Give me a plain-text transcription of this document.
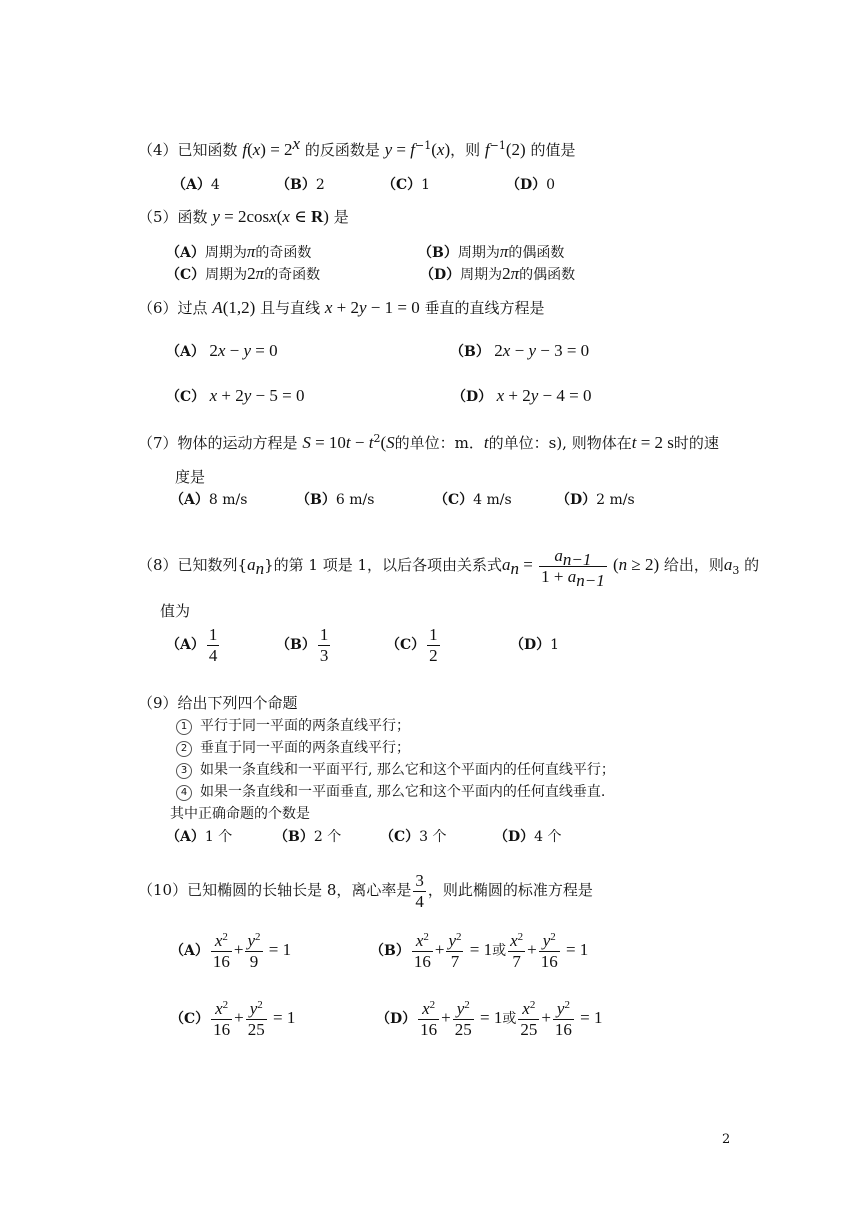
（4）已知函数 $f(x) = 2^x$ 的反函数是 $y = f^{-1}(x)$，则 $f^{-1}(2)$ 的值是
（A）4	（B）2	（C）1	（D）0
（5）函数 y = 2cosx(x ∈ R) 是
（A）周期为π的奇函数	（B）周期为π的偶函数
（C）周期为2π的奇函数	（D）周期为2π的偶函数
（6）过点 A(1,2) 且与直线 x + 2y − 1 = 0 垂直的直线方程是
（A） 2x − y = 0	（B） 2x − y − 3 = 0
（C） x + 2y − 5 = 0	（D） x + 2y − 4 = 0
（7）物体的运动方程是 $S = 10t - t^2(S$的单位：m．t的单位：s), 则物体在t = 2 s时的速
度是
（A）8 m/s	（B）6 m/s	（C）4 m/s	（D）2 m/s
（8）已知数列$\{a_n\}$的第 1 项是 1，以后各项由关系式$a_n = \frac{a_{n-1}}{1 + a_{n-1}} (n \ge 2)$ 给出，则$a_3$ 的
值为
$(A) \frac{1}{4}$	$(B) \frac{1}{3}$	$(C) \frac{1}{2}$	（D）1
（9）给出下列四个命题
1 平行于同一平面的两条直线平行；
2 垂直于同一平面的两条直线平行；
3 如果一条直线和一平面平行, 那么它和这个平面内的任何直线平行；
4 如果一条直线和一平面垂直, 那么它和这个平面内的任何直线垂直.
其中正确命题的个数是
（A）1 个	（B）2 个	（C）3 个	（D）4 个
（10）已知椭圆的长轴长是 8，离心率是 $\frac{3}{4}$ ，则此椭圆的标准方程是
$(A) \frac{x^2}{16} + \frac{y^2}{9} = 1$	$(B) \frac{x^2}{16} + \frac{y^2}{7} = 1$或 $\frac{x^2}{7} + \frac{y^2}{16} = 1$
$(C) \frac{x^2}{16} + \frac{y^2}{25} = 1$	$(D) \frac{x^2}{16} + \frac{y^2}{25} = 1$或 $\frac{x^2}{25} + \frac{y^2}{16} = 1$
2
